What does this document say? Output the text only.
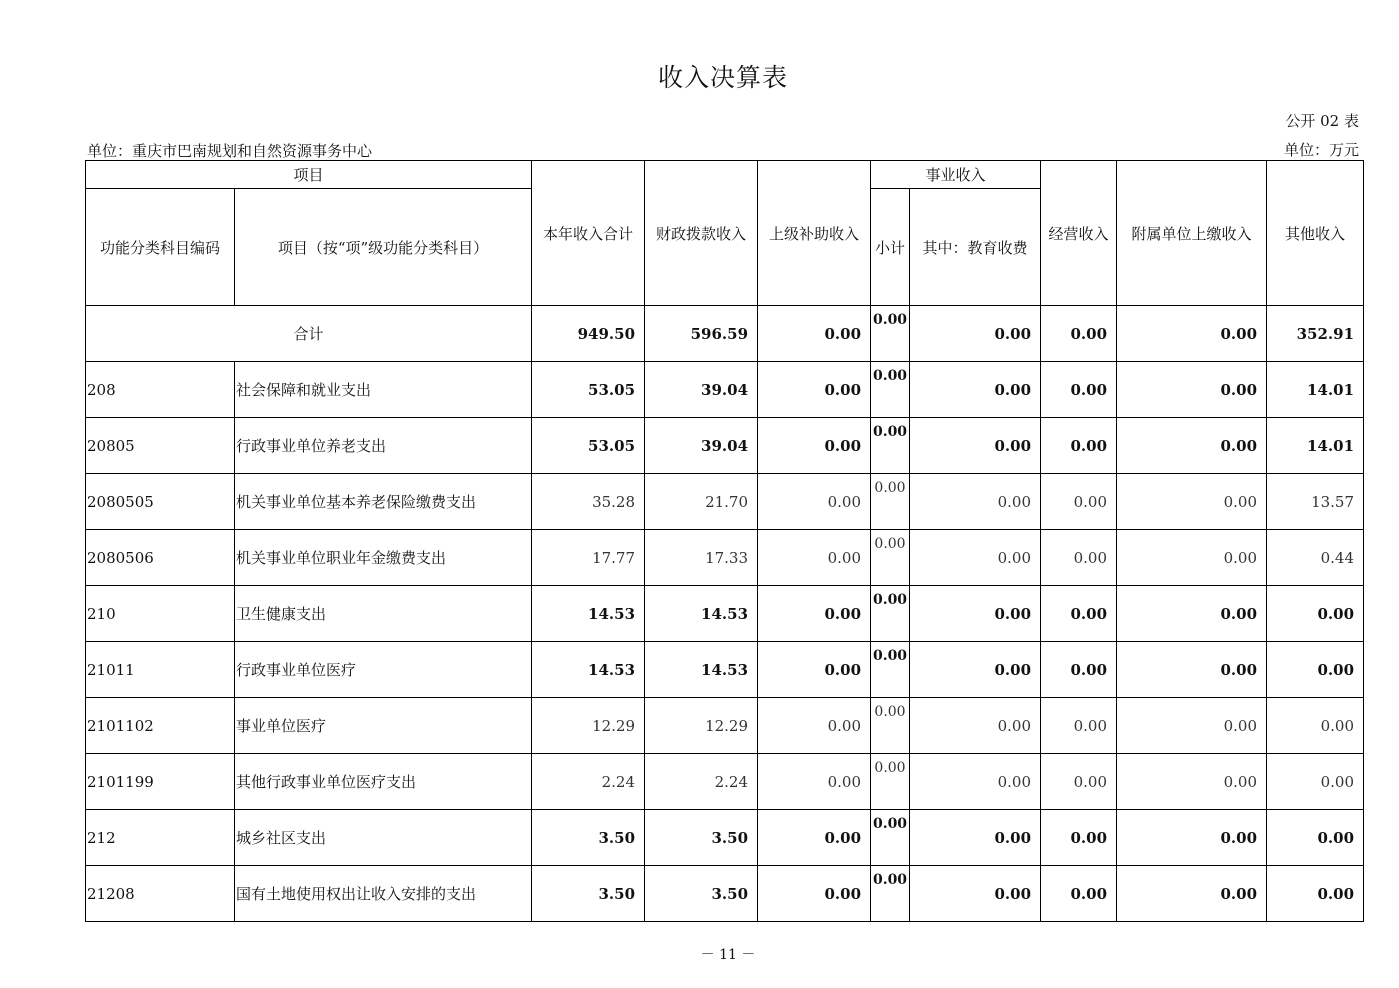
收入决算表
公开 02 表
单位：重庆市巴南规划和自然资源事务中心	单位：万元
项目		本年收入合计	财政拨款收入	上级补助收入	事业收入		经营收入	附属单位上缴收入	其他收入
功能分类科目编码	项目（按“项”级功能分类科目）				小计	其中：教育收费			
合计		949.50	596.59	0.00	0.00	0.00	0.00	0.00	352.91
208	社会保障和就业支出	53.05	39.04	0.00	0.00	0.00	0.00	0.00	14.01
20805	行政事业单位养老支出	53.05	39.04	0.00	0.00	0.00	0.00	0.00	14.01
2080505	机关事业单位基本养老保险缴费支出	35.28	21.70	0.00	0.00	0.00	0.00	0.00	13.57
2080506	机关事业单位职业年金缴费支出	17.77	17.33	0.00	0.00	0.00	0.00	0.00	0.44
210	卫生健康支出	14.53	14.53	0.00	0.00	0.00	0.00	0.00	0.00
21011	行政事业单位医疗	14.53	14.53	0.00	0.00	0.00	0.00	0.00	0.00
2101102	事业单位医疗	12.29	12.29	0.00	0.00	0.00	0.00	0.00	0.00
2101199	其他行政事业单位医疗支出	2.24	2.24	0.00	0.00	0.00	0.00	0.00	0.00
212	城乡社区支出	3.50	3.50	0.00	0.00	0.00	0.00	0.00	0.00
21208	国有土地使用权出让收入安排的支出	3.50	3.50	0.00	0.00	0.00	0.00	0.00	0.00
－ 11 －
